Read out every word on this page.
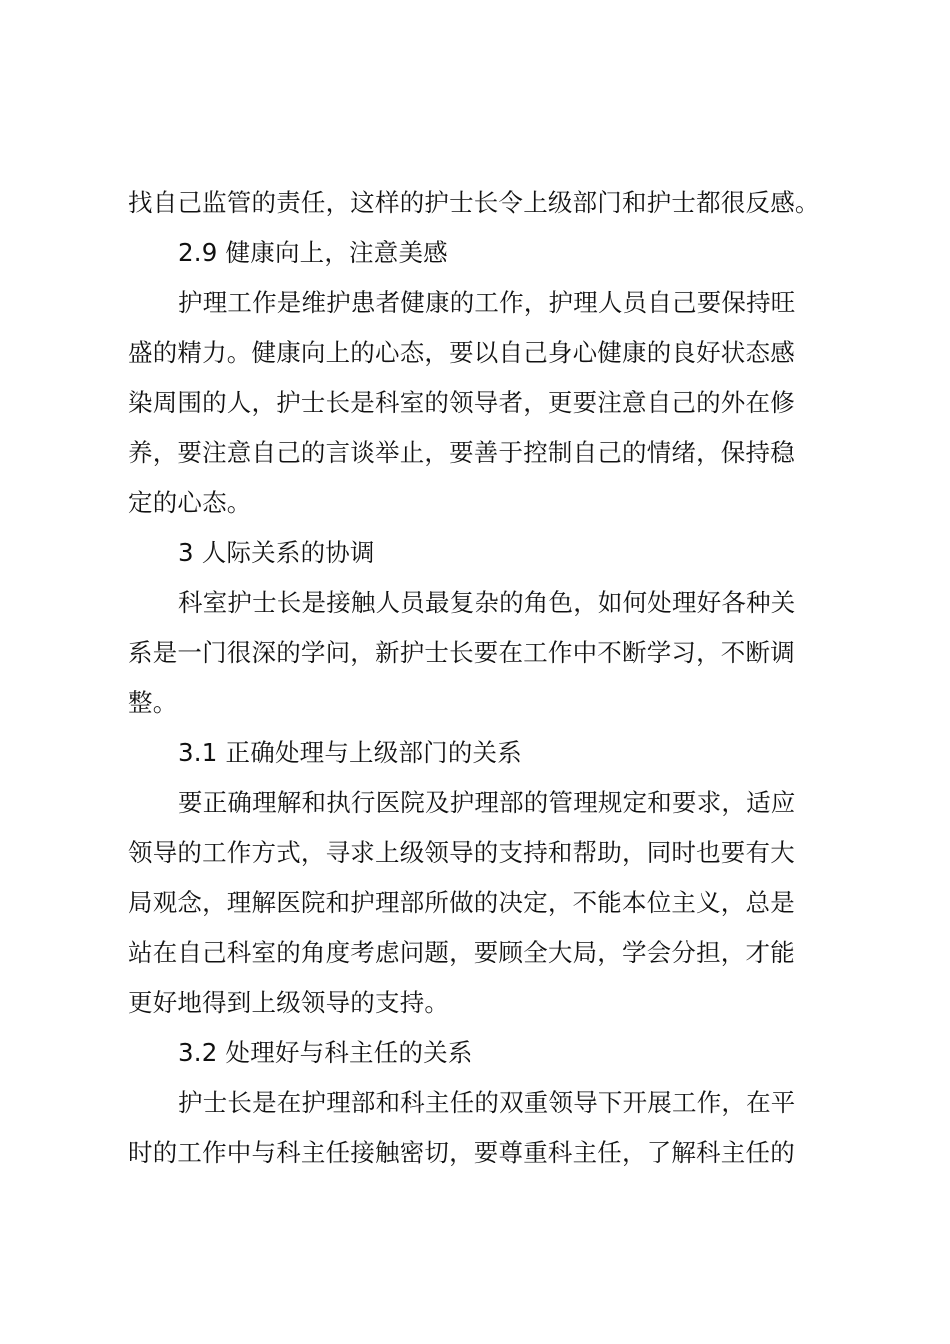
找自己监管的责任，这样的护士长令上级部门和护士都很反感。
2.9 健康向上，注意美感
护理工作是维护患者健康的工作，护理人员自己要保持旺
盛的精力。健康向上的心态，要以自己身心健康的良好状态感
染周围的人，护士长是科室的领导者，更要注意自己的外在修
养，要注意自己的言谈举止，要善于控制自己的情绪，保持稳
定的心态。
3 人际关系的协调
科室护士长是接触人员最复杂的角色，如何处理好各种关
系是一门很深的学问，新护士长要在工作中不断学习，不断调
整。
3.1 正确处理与上级部门的关系
要正确理解和执行医院及护理部的管理规定和要求，适应
领导的工作方式，寻求上级领导的支持和帮助，同时也要有大
局观念，理解医院和护理部所做的决定，不能本位主义，总是
站在自己科室的角度考虑问题，要顾全大局，学会分担，才能
更好地得到上级领导的支持。
3.2 处理好与科主任的关系
护士长是在护理部和科主任的双重领导下开展工作，在平
时的工作中与科主任接触密切，要尊重科主任，了解科主任的
